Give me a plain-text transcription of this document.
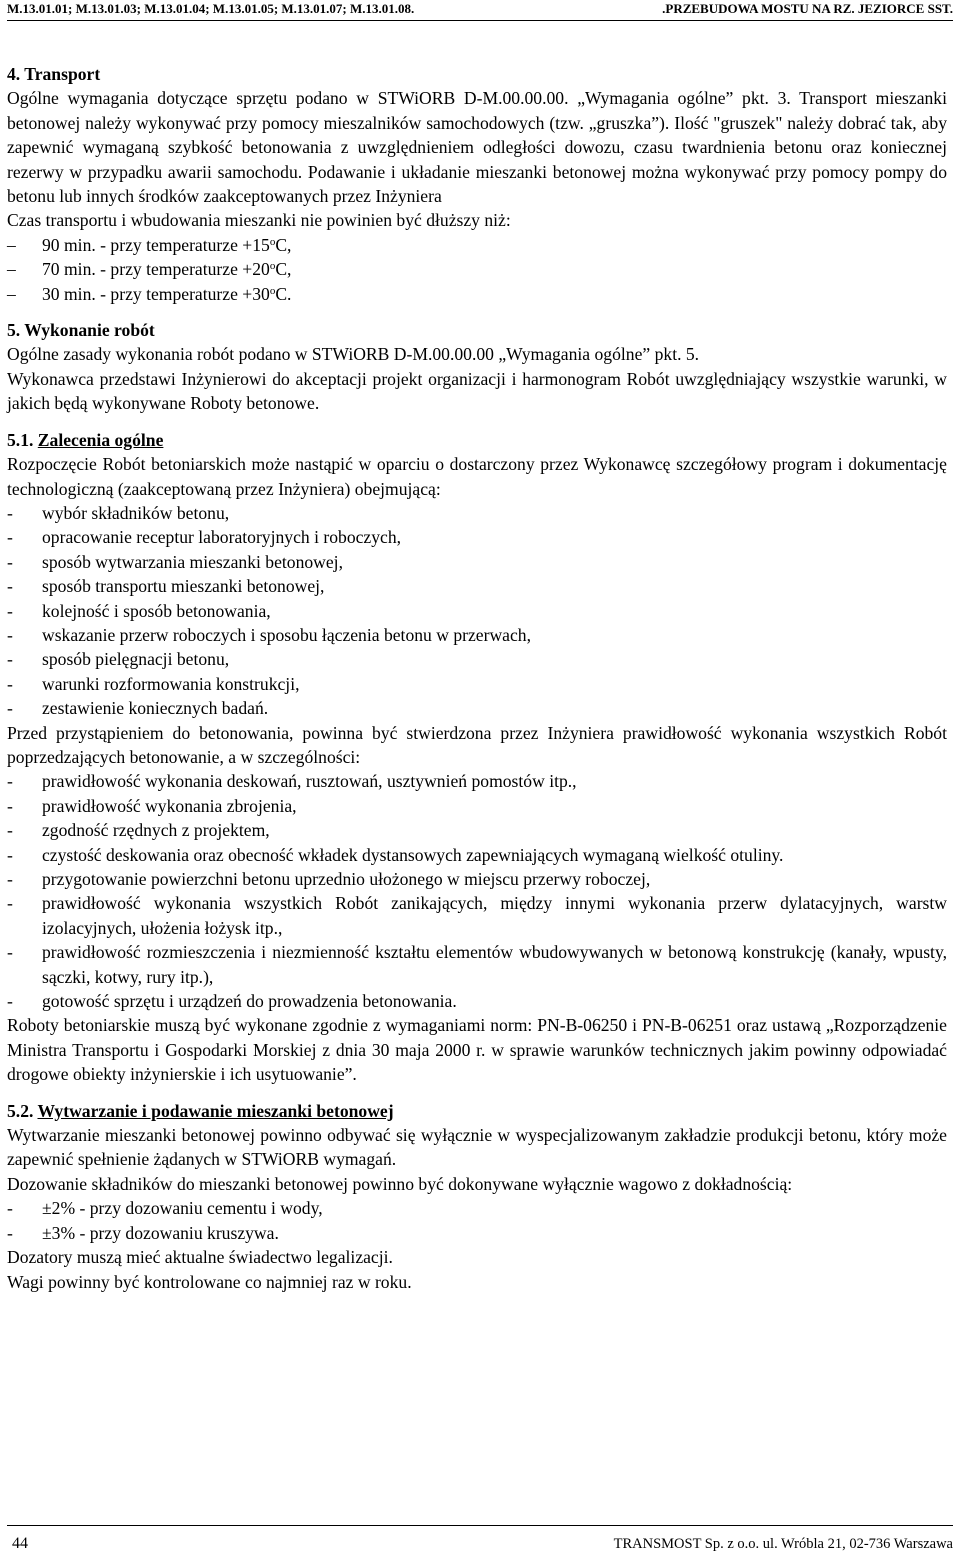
M.13.01.01; M.13.01.03; M.13.01.04; M.13.01.05; M.13.01.07; M.13.01.08.	.PRZEBUDOWA MOSTU NA RZ. JEZIORCE SST.
4. Transport
Ogólne wymagania dotyczące sprzętu podano w STWiORB D-M.00.00.00. „Wymagania ogólne” pkt. 3. Transport mieszanki betonowej należy wykonywać przy pomocy mieszalników samochodowych (tzw. „gruszka”). Ilość "gruszek" należy dobrać tak, aby zapewnić wymaganą szybkość betonowania z uwzględnieniem odległości dowozu, czasu twardnienia betonu oraz koniecznej rezerwy w przypadku awarii samochodu. Podawanie i układanie mieszanki betonowej można wykonywać przy pomocy pompy do betonu lub innych środków zaakceptowanych przez Inżyniera
Czas transportu i wbudowania mieszanki nie powinien być dłuższy niż:
– 90 min. - przy temperaturze $+15^oC$,
– 70 min. - przy temperaturze $+20^oC$,
– 30 min. - przy temperaturze $+30^oC$.
5. Wykonanie robót
Ogólne zasady wykonania robót podano w STWiORB D-M.00.00.00 „Wymagania ogólne” pkt. 5.
Wykonawca przedstawi Inżynierowi do akceptacji projekt organizacji i harmonogram Robót uwzględniający wszystkie warunki, w jakich będą wykonywane Roboty betonowe.
5.1. Zalecenia ogólne
Rozpoczęcie Robót betoniarskich może nastąpić w oparciu o dostarczony przez Wykonawcę szczegółowy program i dokumentację technologiczną (zaakceptowaną przez Inżyniera) obejmującą:
- wybór składników betonu,
- opracowanie receptur laboratoryjnych i roboczych,
- sposób wytwarzania mieszanki betonowej,
- sposób transportu mieszanki betonowej,
- kolejność i sposób betonowania,
- wskazanie przerw roboczych i sposobu łączenia betonu w przerwach,
- sposób pielęgnacji betonu,
- warunki rozformowania konstrukcji,
- zestawienie koniecznych badań.
Przed przystąpieniem do betonowania, powinna być stwierdzona przez Inżyniera prawidłowość wykonania wszystkich Robót poprzedzających betonowanie, a w szczególności:
- prawidłowość wykonania deskowań, rusztowań, usztywnień pomostów itp.,
- prawidłowość wykonania zbrojenia,
- zgodność rzędnych z projektem,
- czystość deskowania oraz obecność wkładek dystansowych zapewniających wymaganą wielkość otuliny.
- przygotowanie powierzchni betonu uprzednio ułożonego w miejscu przerwy roboczej,
- prawidłowość wykonania wszystkich Robót zanikających, między innymi wykonania przerw dylatacyjnych, warstw izolacyjnych, ułożenia łożysk itp.,
- prawidłowość rozmieszczenia i niezmienność kształtu elementów wbudowywanych w betonową konstrukcję (kanały, wpusty, sączki, kotwy, rury itp.),
- gotowość sprzętu i urządzeń do prowadzenia betonowania.
Roboty betoniarskie muszą być wykonane zgodnie z wymaganiami norm: PN-B-06250 i PN-B-06251 oraz ustawą „Rozporządzenie Ministra Transportu i Gospodarki Morskiej z dnia 30 maja 2000 r. w sprawie warunków technicznych jakim powinny odpowiadać drogowe obiekty inżynierskie i ich usytuowanie”.
5.2. Wytwarzanie i podawanie mieszanki betonowej
Wytwarzanie mieszanki betonowej powinno odbywać się wyłącznie w wyspecjalizowanym zakładzie produkcji betonu, który może zapewnić spełnienie żądanych w STWiORB wymagań.
Dozowanie składników do mieszanki betonowej powinno być dokonywane wyłącznie wagowo z dokładnością:
- ±2% - przy dozowaniu cementu i wody,
- ±3% - przy dozowaniu kruszywa.
Dozatory muszą mieć aktualne świadectwo legalizacji.
Wagi powinny być kontrolowane co najmniej raz w roku.
44	TRANSMOST Sp. z o.o. ul. Wróbla 21, 02-736 Warszawa
